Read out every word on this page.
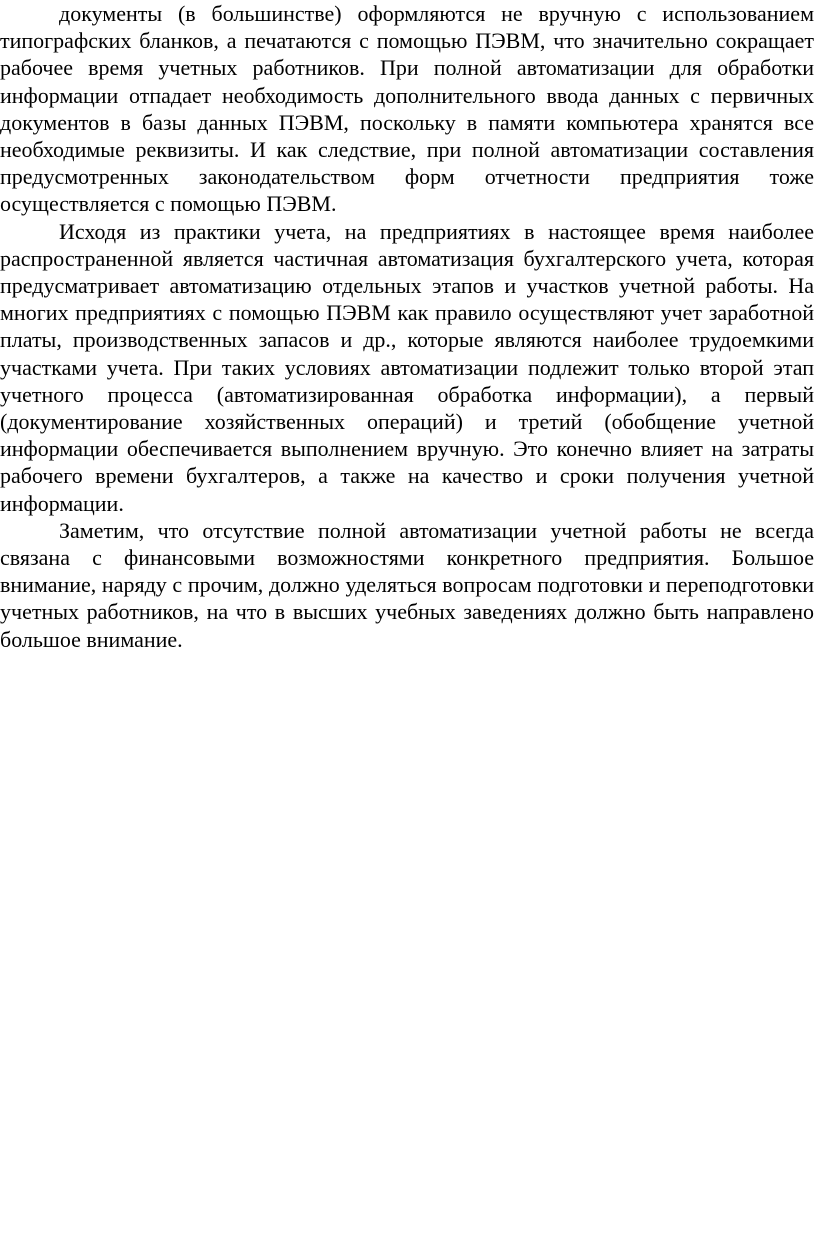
документы (в большинстве) оформляются не вручную с использованием типографских бланков, а печатаются с помощью ПЭВМ, что значительно сокращает рабочее время учетных работников. При полной автоматизации для обработки информации отпадает необходимость дополнительного ввода данных с первичных документов в базы данных ПЭВМ, поскольку в памяти компьютера хранятся все необходимые реквизиты. И как следствие, при полной автоматизации составления предусмотренных законодательством форм отчетности предприятия тоже осуществляется с помощью ПЭВМ.

Исходя из практики учета, на предприятиях в настоящее время наиболее распространенной является частичная автоматизация бухгалтерского учета, которая предусматривает автоматизацию отдельных этапов и участков учетной работы. На многих предприятиях с помощью ПЭВМ как правило осуществляют учет заработной платы, производственных запасов и др., которые являются наиболее трудоемкими участками учета. При таких условиях автоматизации подлежит только второй этап учетного процесса (автоматизированная обработка информации), а первый (документирование хозяйственных операций) и третий (обобщение учетной информации обеспечивается выполнением вручную. Это конечно влияет на затраты рабочего времени бухгалтеров, а также на качество и сроки получения учетной информации.

Заметим, что отсутствие полной автоматизации учетной работы не всегда связана с финансовыми возможностями конкретного предприятия. Большое внимание, наряду с прочим, должно уделяться вопросам подготовки и переподготовки учетных работников, на что в высших учебных заведениях должно быть направлено большое внимание.
